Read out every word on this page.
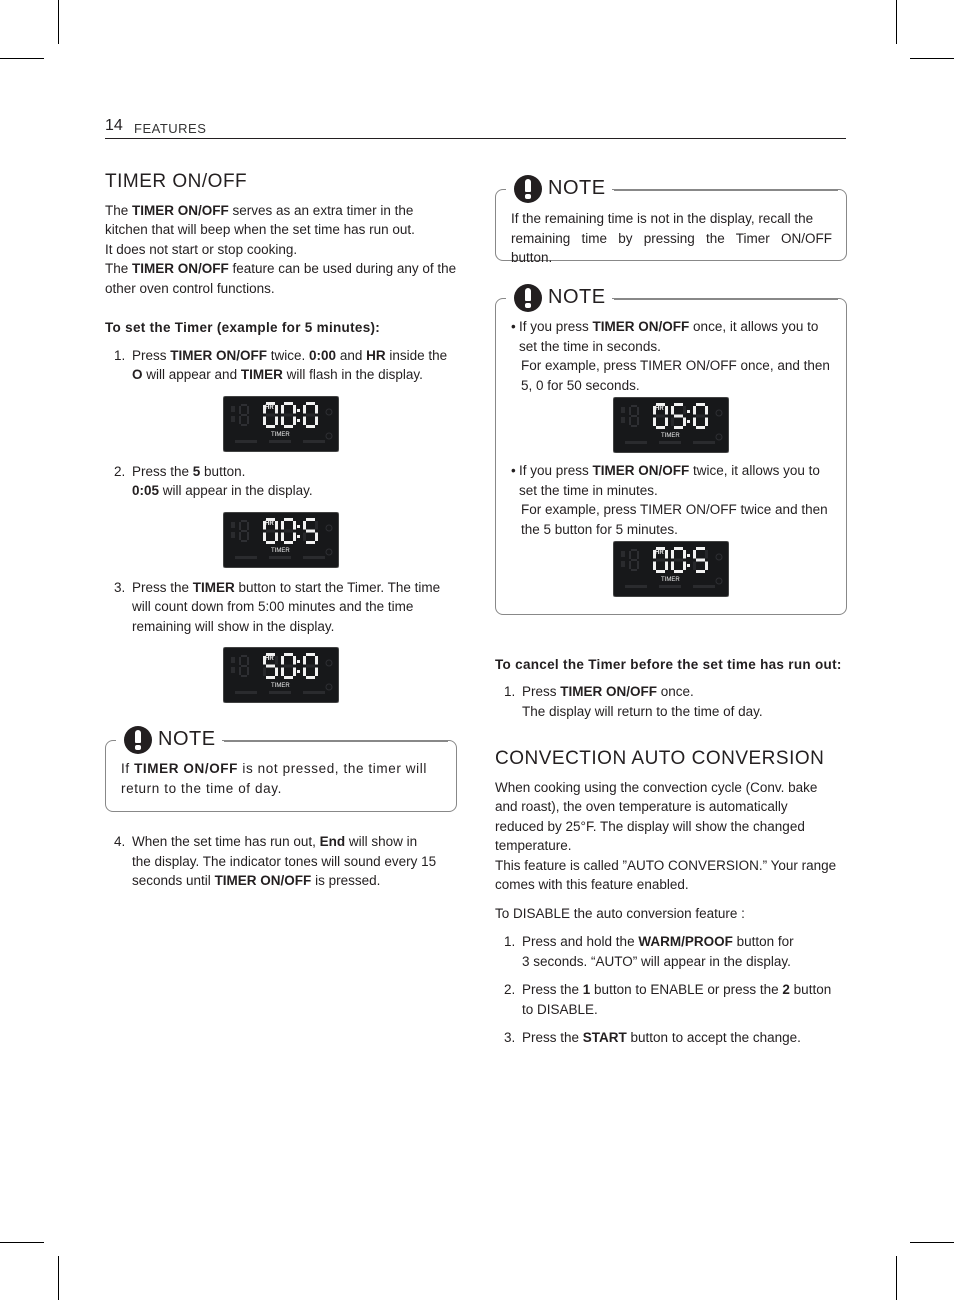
14 FEATURES
TIMER ON/OFF
The TIMER ON/OFF serves as an extra timer in the
kitchen that will beep when the set time has run out.
It does not start or stop cooking.
The TIMER ON/OFF feature can be used during any of the
other oven control functions.

To set the Timer (example for 5 minutes):

1. Press TIMER ON/OFF twice. 0:00 and HR inside the
O will appear and TIMER will flash in the display.
HR
TIMER
2. Press the 5 button.
0:05 will appear in the display.
HR
TIMER
3. Press the TIMER button to start the Timer. The time
will count down from 5:00 minutes and the time
remaining will show in the display.
HR
TIMER
NOTE
If TIMER ON/OFF is not pressed, the timer will
return to the time of day.
4. When the set time has run out, End will show in
the display. The indicator tones will sound every 15
seconds until TIMER ON/OFF is pressed.
NOTE
If the remaining time is not in the display, recall the
remaining time by pressing the Timer ON/OFF button.
NOTE
• If you press TIMER ON/OFF once, it allows you to
set the time in seconds.
For example, press TIMER ON/OFF once, and then
5, 0 for 50 seconds.
HR
TIMER
• If you press TIMER ON/OFF twice, it allows you to
set the time in minutes.
For example, press TIMER ON/OFF twice and then
the 5 button for 5 minutes.
HR
TIMER

To cancel the Timer before the set time has run out:

1. Press TIMER ON/OFF once.
The display will return to the time of day.
CONVECTION AUTO CONVERSION
When cooking using the convection cycle (Conv. bake
and roast), the oven temperature is automatically
reduced by 25°F. The display will show the changed
temperature.
This feature is called ”AUTO CONVERSION.” Your range
comes with this feature enabled.

To DISABLE the auto conversion feature :

1. Press and hold the WARM/PROOF button for
3 seconds. “AUTO” will appear in the display.
2. Press the 1 button to ENABLE or press the 2 button
to DISABLE.
3. Press the START button to accept the change.
